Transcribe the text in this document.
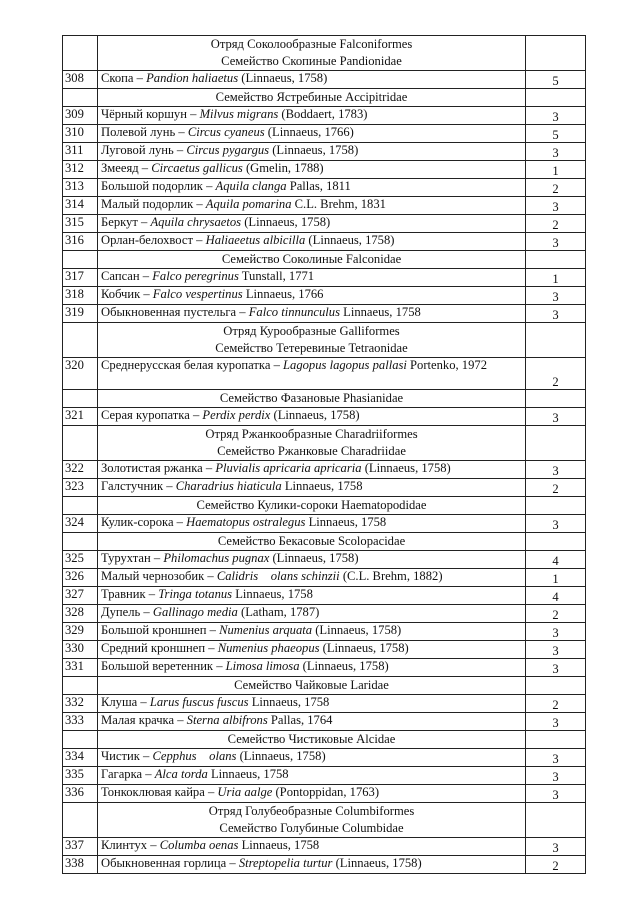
	Отряд Соколообразные Falconiformes
Семейство Скопиные Pandionidae	

308	Скопа – Pandion haliaetus (Linnaeus, 1758)	5

	Семейство Ястребиные Accipitridae	

309	Чёрный коршун – Milvus migrans (Boddaert, 1783)	3
310	Полевой лунь – Circus cyaneus (Linnaeus, 1766)	5
311	Луговой лунь – Circus pygargus (Linnaeus, 1758)	3
312	Змееяд – Circaetus gallicus (Gmelin, 1788)	1
313	Большой подорлик – Aquila clanga Pallas, 1811	2
314	Малый подорлик – Aquila pomarina C.L. Brehm, 1831	3
315	Беркут – Aquila chrysaetos (Linnaeus, 1758)	2
316	Орлан-белохвост – Haliaeetus albicilla (Linnaeus, 1758)	3

	Семейство Соколиные Falconidae	

317	Сапсан – Falco peregrinus Tunstall, 1771	1
318	Кобчик – Falco vespertinus Linnaeus, 1766	3
319	Обыкновенная пустельга – Falco tinnunculus Linnaeus, 1758	3

	Отряд Курообразные Galliformes
Семейство Тетеревиные Tetraonidae	

320	Среднерусская белая куропатка – Lagopus lagopus pallasi Portenko, 1972	2

	Семейство Фазановые Phasianidae	

321	Серая куропатка – Perdix perdix (Linnaeus, 1758)	3

	Отряд Ржанкообразные Charadriiformes
Семейство Ржанковые Charadriidae	

322	Золотистая ржанка – Pluvialis apricaria apricaria (Linnaeus, 1758)	3
323	Галстучник – Charadrius hiaticula Linnaeus, 1758	2

	Семейство Кулики-сороки Haematopodidae	

324	Кулик-сорока – Haematopus ostralegus Linnaeus, 1758	3

	Семейство Бекасовые Scolopacidae	

325	Турухтан – Philomachus pugnax (Linnaeus, 1758)	4
326	Малый чернозобик – Calidris    olans schinzii (C.L. Brehm, 1882)	1
327	Травник – Tringa totanus Linnaeus, 1758	4
328	Дупель – Gallinago media (Latham, 1787)	2
329	Большой кроншнеп – Numenius arquata (Linnaeus, 1758)	3
330	Средний кроншнеп – Numenius phaeopus (Linnaeus, 1758)	3
331	Большой веретенник – Limosa limosa (Linnaeus, 1758)	3

	Семейство Чайковые Laridae	

332	Клуша – Larus fuscus fuscus Linnaeus, 1758	2
333	Малая крачка – Sterna albifrons Pallas, 1764	3

	Семейство Чистиковые Alcidae	

334	Чистик – Cepphus    olans (Linnaeus, 1758)	3
335	Гагарка – Alca torda Linnaeus, 1758	3
336	Тонкоклювая кайра – Uria aalge (Pontoppidan, 1763)	3

	Отряд Голубеобразные Columbiformes
Семейство Голубиные Columbidae	

337	Клинтух – Columba oenas Linnaeus, 1758	3
338	Обыкновенная горлица – Streptopelia turtur (Linnaeus, 1758)	2
